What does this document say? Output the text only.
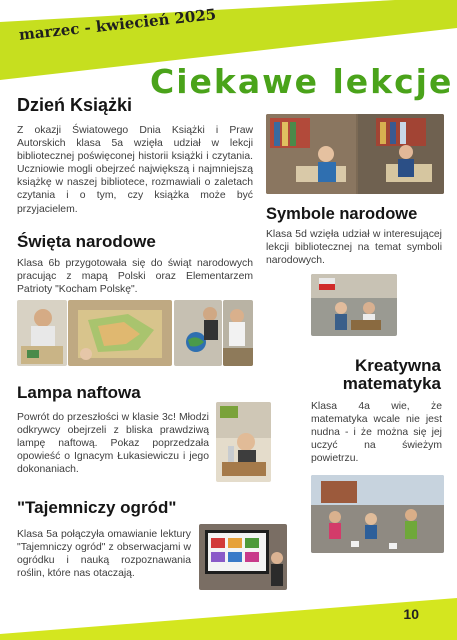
marzec - kwiecień 2025
Ciekawe lekcje
Dzień Książki
Z okazji Światowego Dnia Książki i Praw Autorskich klasa 5a wzięła udział w lekcji bibliotecznej poświęconej historii książki i czytania. Uczniowie mogli obejrzeć największą i najmniejszą książkę w naszej bibliotece, rozmawiali o zaletach czytania i o tym, czy książka może być przyjacielem.	Symbole narodowe
Klasa 5d wzięła udział w interesującej lekcji bibliotecznej na temat symboli narodowych.
Święta narodowe
Klasa 6b przygotowała się do świąt narodowych pracując z mapą Polski oraz Elementarzem Patrioty "Kocham Polskę".
Kreatywna
matematyka
Klasa 4a wie, że matematyka wcale nie jest nudna - i że można się jej uczyć na świeżym powietrzu.
Lampa naftowa
Powrót do przeszłości w klasie 3c! Młodzi odkrywcy obejrzeli z bliska prawdziwą lampę naftową. Pokaz poprzedzała opowieść o Ignacym Łukasiewiczu i jego dokonaniach.
"Tajemniczy ogród"
Klasa 5a połączyła omawianie lektury "Tajemniczy ogród" z obserwacjami w ogródku i nauką rozpoznawania roślin, które nas otaczają.
10
